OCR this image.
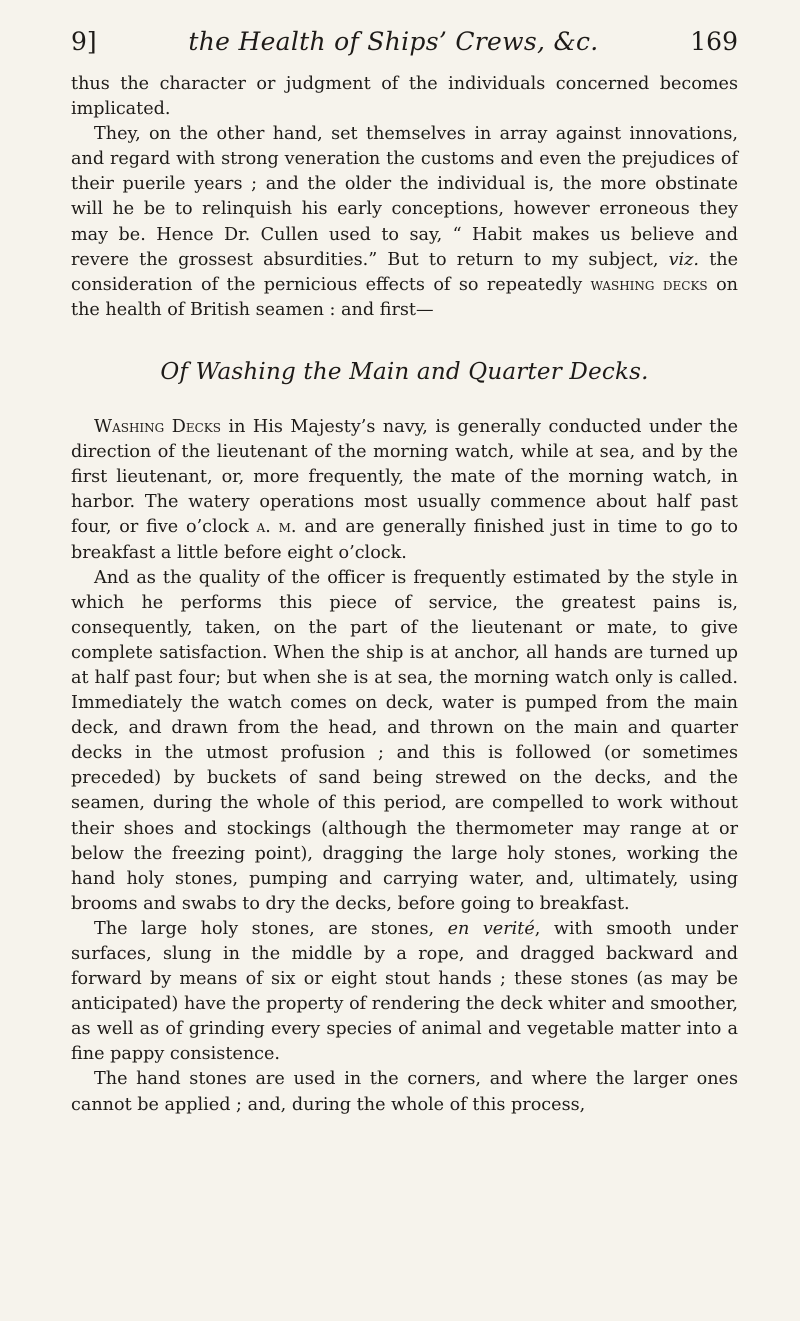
9]	the Health of Ships’ Crews, &c.	169

thus the character or judgment of the individuals concerned becomes implicated.

They, on the other hand, set themselves in array against innovations, and regard with strong veneration the customs and even the prejudices of their puerile years ; and the older the individual is, the more obstinate will he be to relinquish his early conceptions, however erroneous they may be. Hence Dr. Cullen used to say, “ Habit makes us believe and revere the grossest absurdities.” But to return to my subject, viz. the consideration of the pernicious effects of so repeatedly washing decks on the health of British seamen : and first—

Of Washing the Main and Quarter Decks.

Washing Decks in His Majesty’s navy, is generally conducted under the direction of the lieutenant of the morning watch, while at sea, and by the first lieutenant, or, more frequently, the mate of the morning watch, in harbor. The watery operations most usually commence about half past four, or five o’clock a. m. and are generally finished just in time to go to breakfast a little before eight o’clock.

And as the quality of the officer is frequently estimated by the style in which he performs this piece of service, the greatest pains is, consequently, taken, on the part of the lieutenant or mate, to give complete satisfaction. When the ship is at anchor, all hands are turned up at half past four; but when she is at sea, the morning watch only is called. Immediately the watch comes on deck, water is pumped from the main deck, and drawn from the head, and thrown on the main and quarter decks in the utmost profusion ; and this is followed (or sometimes preceded) by buckets of sand being strewed on the decks, and the seamen, during the whole of this period, are compelled to work without their shoes and stockings (although the thermometer may range at or below the freezing point), dragging the large holy stones, working the hand holy stones, pumping and carrying water, and, ultimately, using brooms and swabs to dry the decks, before going to breakfast.

The large holy stones, are stones, en verité, with smooth under surfaces, slung in the middle by a rope, and dragged backward and forward by means of six or eight stout hands ; these stones (as may be anticipated) have the property of rendering the deck whiter and smoother, as well as of grinding every species of animal and vegetable matter into a fine pappy consistence.

The hand stones are used in the corners, and where the larger ones cannot be applied ; and, during the whole of this process,
